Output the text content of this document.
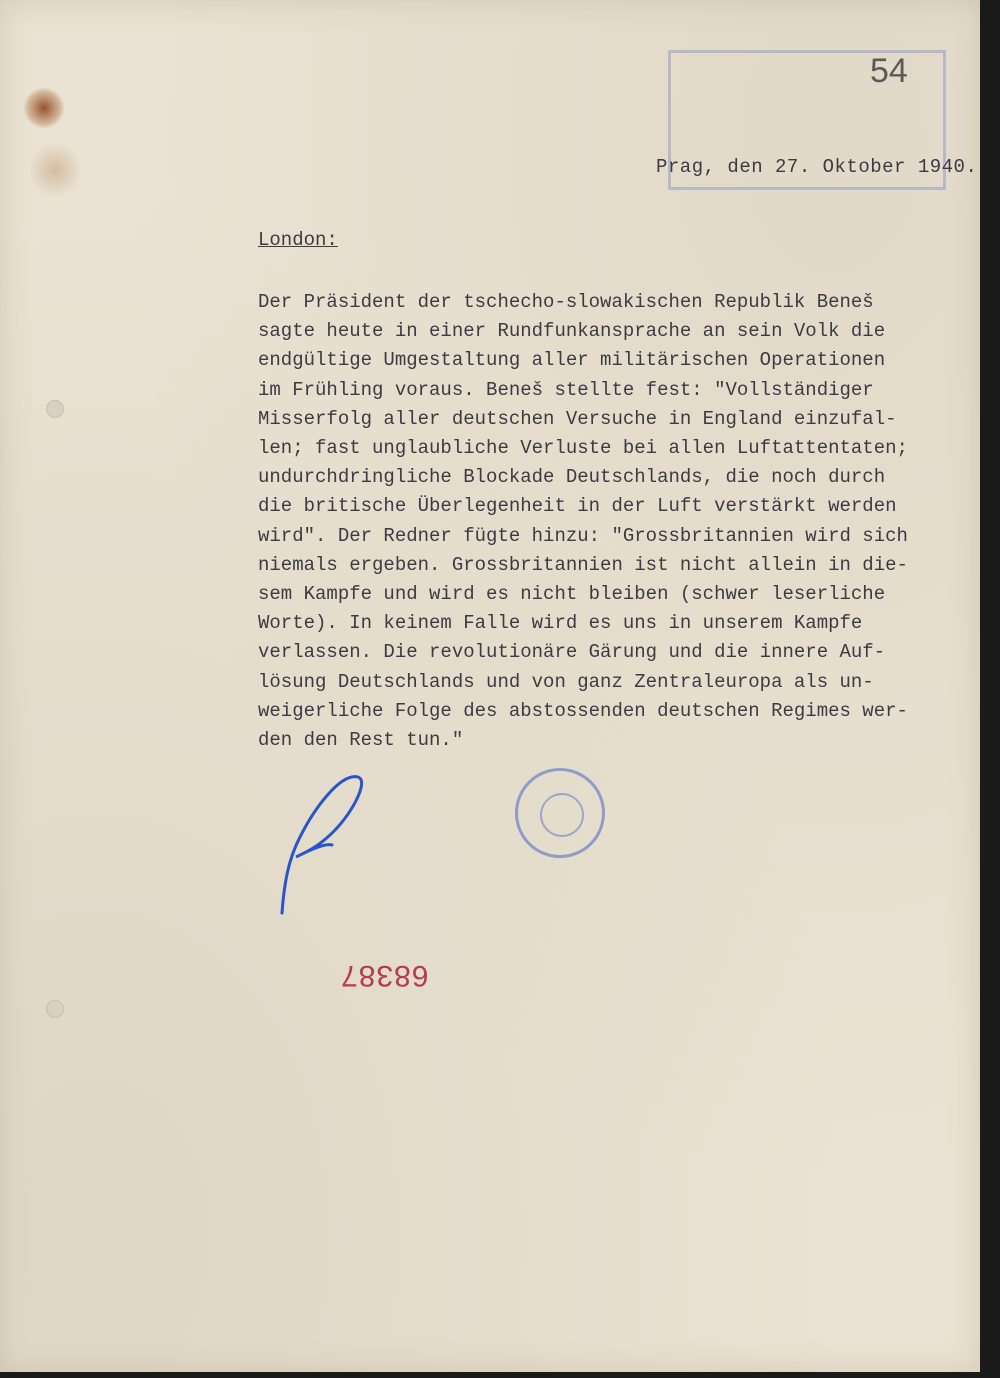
54
Prag, den 27. Oktober 1940.
London:
Der Präsident der tschecho-slowakischen Republik Beneš
sagte heute in einer Rundfunkansprache an sein Volk die
endgültige Umgestaltung aller militärischen Operationen
im Frühling voraus. Beneš stellte fest: "Vollständiger
Misserfolg aller deutschen Versuche in England einzufal-
len; fast unglaubliche Verluste bei allen Luftattentaten;
undurchdringliche Blockade Deutschlands, die noch durch
die britische Überlegenheit in der Luft verstärkt werden
wird". Der Redner fügte hinzu: "Grossbritannien wird sich
niemals ergeben. Grossbritannien ist nicht allein in die-
sem Kampfe und wird es nicht bleiben (schwer leserliche
Worte). In keinem Falle wird es uns in unserem Kampfe
verlassen. Die revolutionäre Gärung und die innere Auf-
lösung Deutschlands und von ganz Zentraleuropa als un-
weigerliche Folge des abstossenden deutschen Regimes wer-
den den Rest tun."
68387
